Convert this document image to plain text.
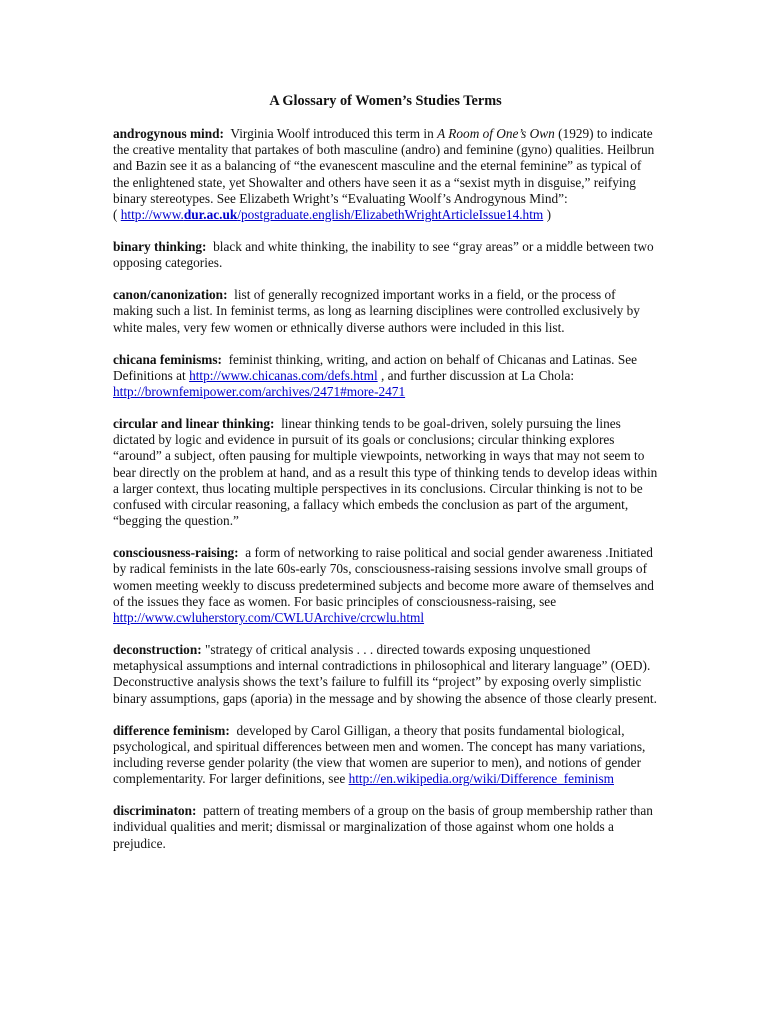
A Glossary of Women’s Studies Terms

androgynous mind: Virginia Woolf introduced this term in A Room of One’s Own (1929) to indicate the creative mentality that partakes of both masculine (andro) and feminine (gyno) qualities. Heilbrun and Bazin see it as a balancing of “the evanescent masculine and the eternal feminine” as typical of the enlightened state, yet Showalter and others have seen it as a “sexist myth in disguise,” reifying binary stereotypes. See Elizabeth Wright’s “Evaluating Woolf’s Androgynous Mind”:
( http://www.dur.ac.uk/postgraduate.english/ElizabethWrightArticleIssue14.htm )

binary thinking: black and white thinking, the inability to see “gray areas” or a middle between two opposing categories.

canon/canonization: list of generally recognized important works in a field, or the process of making such a list. In feminist terms, as long as learning disciplines were controlled exclusively by white males, very few women or ethnically diverse authors were included in this list.

chicana feminisms: feminist thinking, writing, and action on behalf of Chicanas and Latinas. See Definitions at http://www.chicanas.com/defs.html , and further discussion at La Chola: http://brownfemipower.com/archives/2471#more-2471

circular and linear thinking: linear thinking tends to be goal-driven, solely pursuing the lines dictated by logic and evidence in pursuit of its goals or conclusions; circular thinking explores “around” a subject, often pausing for multiple viewpoints, networking in ways that may not seem to bear directly on the problem at hand, and as a result this type of thinking tends to develop ideas within a larger context, thus locating multiple perspectives in its conclusions. Circular thinking is not to be confused with circular reasoning, a fallacy which embeds the conclusion as part of the argument, “begging the question.”

consciousness-raising: a form of networking to raise political and social gender awareness .Initiated by radical feminists in the late 60s-early 70s, consciousness-raising sessions involve small groups of women meeting weekly to discuss predetermined subjects and become more aware of themselves and of the issues they face as women. For basic principles of consciousness-raising, see http://www.cwluherstory.com/CWLUArchive/crcwlu.html

deconstruction: "strategy of critical analysis . . . directed towards exposing unquestioned metaphysical assumptions and internal contradictions in philosophical and literary language” (OED). Deconstructive analysis shows the text’s failure to fulfill its “project” by exposing overly simplistic binary assumptions, gaps (aporia) in the message and by showing the absence of those clearly present.

difference feminism: developed by Carol Gilligan, a theory that posits fundamental biological, psychological, and spiritual differences between men and women. The concept has many variations, including reverse gender polarity (the view that women are superior to men), and notions of gender complementarity. For larger definitions, see http://en.wikipedia.org/wiki/Difference_feminism

discriminaton: pattern of treating members of a group on the basis of group membership rather than individual qualities and merit; dismissal or marginalization of those against whom one holds a prejudice.
